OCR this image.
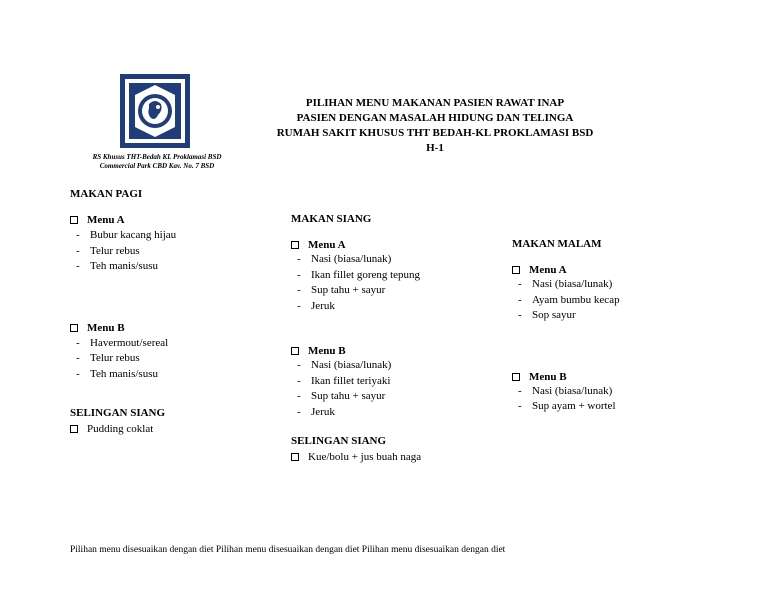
RS Khusus THT-Bedah KL Proklamasi BSD
Commercial Park CBD Kav. No. 7 BSD
PILIHAN MENU MAKANAN PASIEN RAWAT INAP
PASIEN DENGAN MASALAH HIDUNG DAN TELINGA
RUMAH SAKIT KHUSUS THT BEDAH-KL PROKLAMASI BSD
H-1
MAKAN PAGI
Menu A
- Bubur kacang hijau
- Telur rebus
- Teh manis/susu
Menu B
- Havermout/sereal
- Telur rebus
- Teh manis/susu
SELINGAN SIANG
Pudding coklat
MAKAN SIANG
Menu A
- Nasi (biasa/lunak)
- Ikan fillet goreng tepung
- Sup tahu + sayur
- Jeruk
Menu B
- Nasi (biasa/lunak)
- Ikan fillet teriyaki
- Sup tahu + sayur
- Jeruk
SELINGAN SIANG
Kue/bolu + jus buah naga
MAKAN MALAM
Menu A
- Nasi (biasa/lunak)
- Ayam bumbu kecap
- Sop sayur
Menu B
- Nasi (biasa/lunak)
- Sup ayam + wortel
Pilihan menu disesuaikan dengan diet Pilihan menu disesuaikan dengan diet Pilihan menu disesuaikan dengan diet
